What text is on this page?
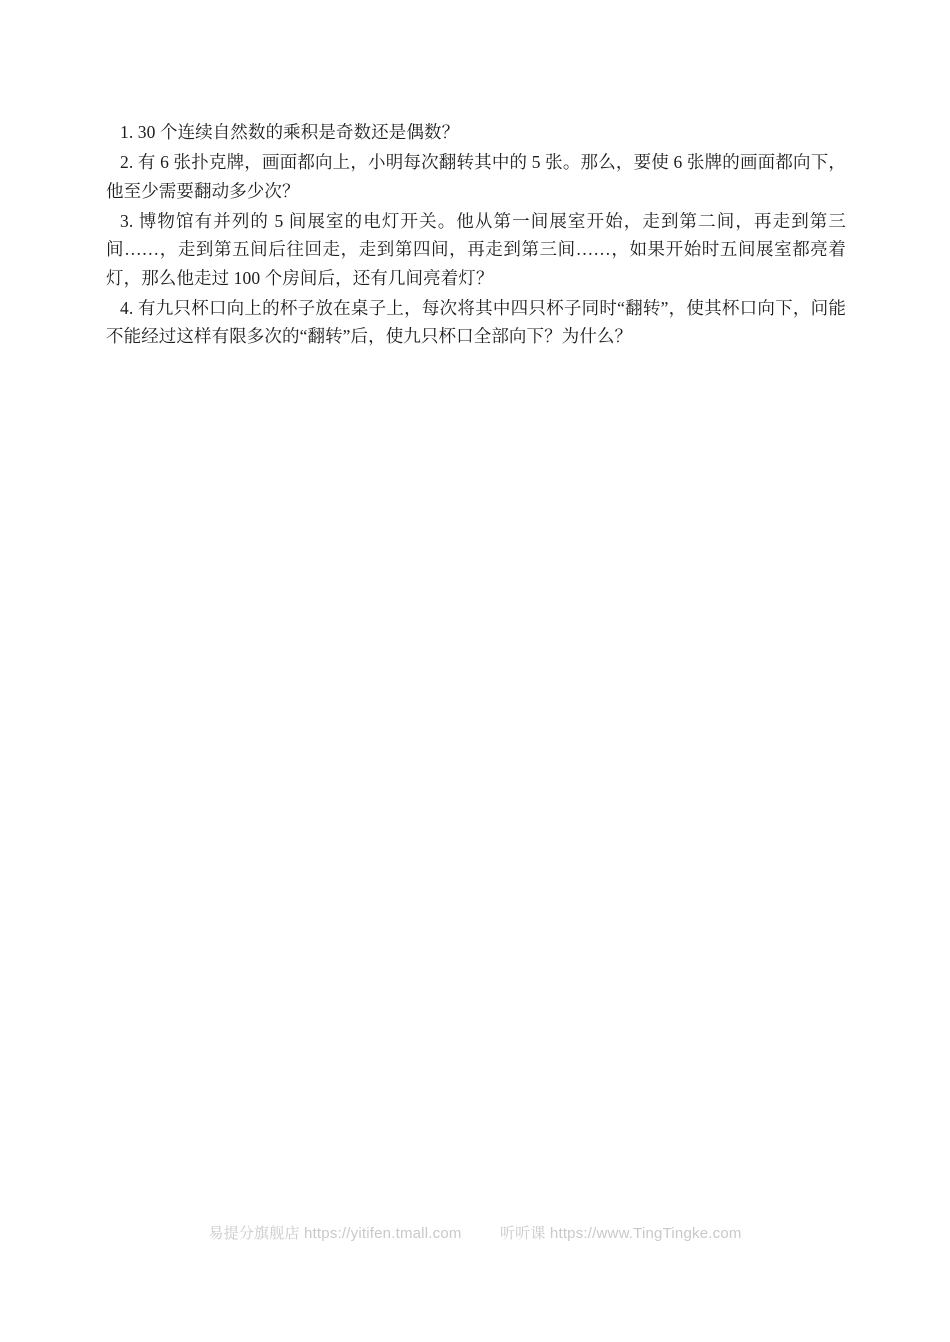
1. 30 个连续自然数的乘积是奇数还是偶数？

2. 有 6 张扑克牌，画面都向上，小明每次翻转其中的 5 张。那么，要使 6 张牌的画面都向下，他至少需要翻动多少次？

3. 博物馆有并列的 5 间展室的电灯开关。他从第一间展室开始，走到第二间，再走到第三间……，走到第五间后往回走，走到第四间，再走到第三间……，如果开始时五间展室都亮着灯，那么他走过 100 个房间后，还有几间亮着灯？

4. 有九只杯口向上的杯子放在桌子上，每次将其中四只杯子同时“翻转”，使其杯口向下，问能不能经过这样有限多次的“翻转”后，使九只杯口全部向下？为什么？

易提分旗舰店 https://yitifen.tmall.com	听听课 https://www.TingTingke.com
